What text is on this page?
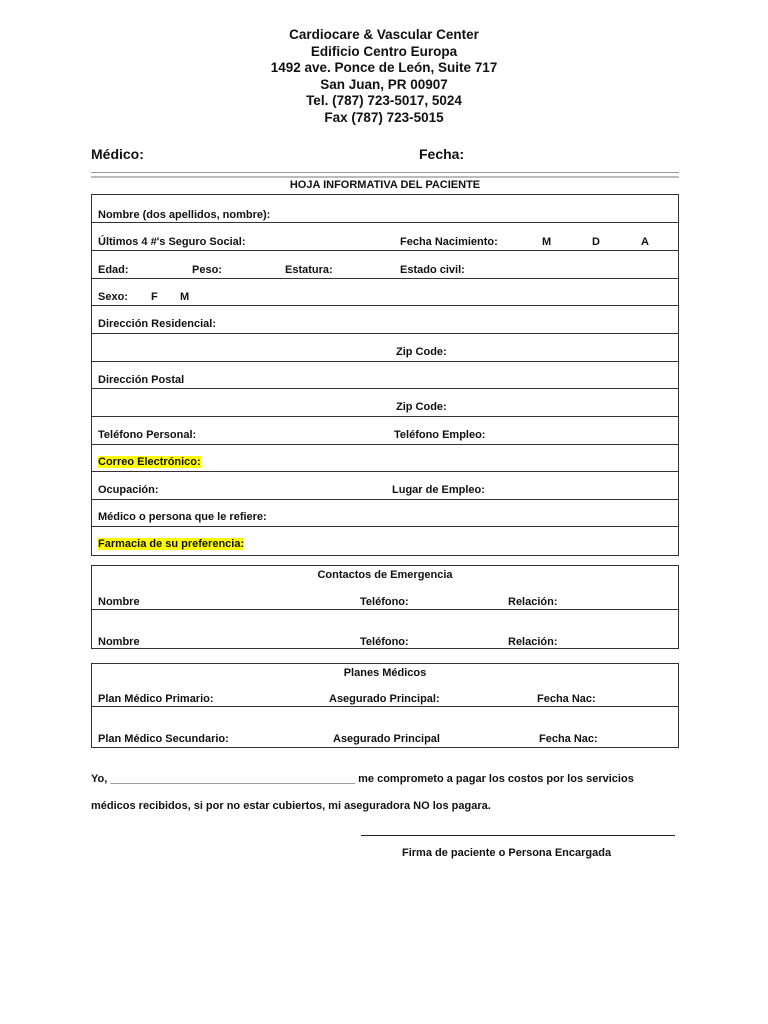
Cardiocare & Vascular Center
Edificio Centro Europa
1492 ave. Ponce de León, Suite 717
San Juan, PR 00907
Tel. (787) 723-5017, 5024
Fax (787) 723-5015
Médico:	Fecha:
HOJA INFORMATIVA DEL PACIENTE
Nombre (dos apellidos, nombre):
Últimos 4 #'s Seguro Social:	Fecha Nacimiento:	M	D	A
Edad:	Peso:	Estatura:	Estado civil:
Sexo: F M
Dirección Residencial:
Zip Code:
Dirección Postal
Zip Code:
Teléfono Personal:	Teléfono Empleo:
Correo Electrónico:
Ocupación:	Lugar de Empleo:
Médico o persona que le refiere:
Farmacia de su preferencia:
Contactos de Emergencia
Nombre	Teléfono:	Relación:
Nombre	Teléfono:	Relación:
Planes Médicos
Plan Médico Primario:	Asegurado Principal:	Fecha Nac:
Plan Médico Secundario:	Asegurado Principal	Fecha Nac:
Yo, ________________________________________ me comprometo a pagar los costos por los servicios
médicos recibidos, si por no estar cubiertos, mi aseguradora NO los pagara.
Firma de paciente o Persona Encargada
